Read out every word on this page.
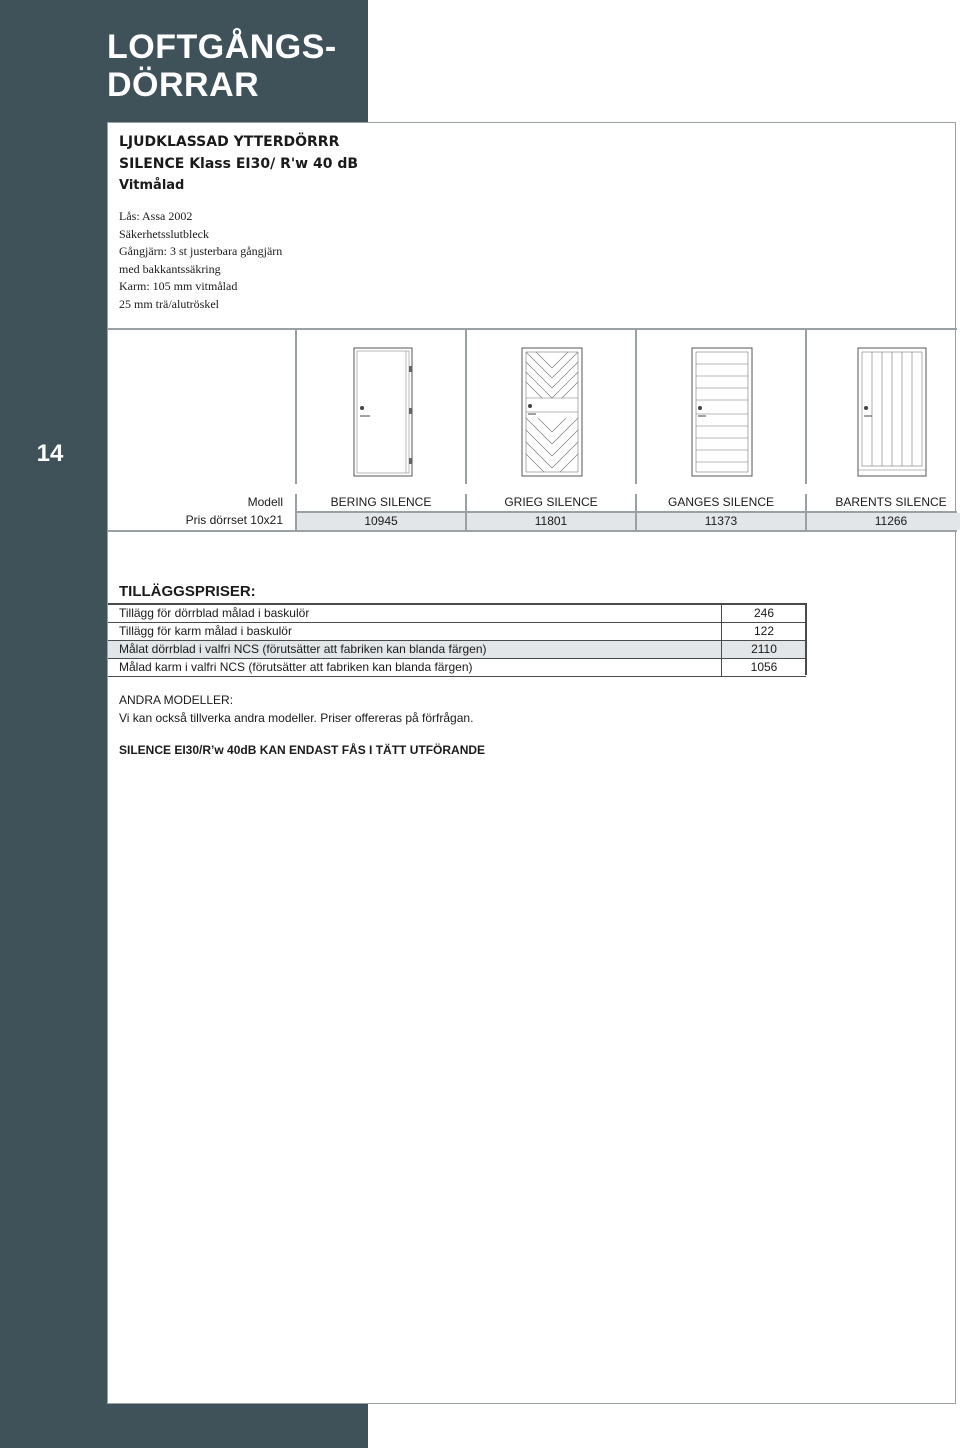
LOFTGÅNGS-
DÖRRAR
14
LJUDKLASSAD YTTERDÖRRR
SILENCE Klass EI30/ R'w 40 dB
Vitmålad
Lås: Assa 2002
Säkerhetsslutbleck
Gångjärn: 3 st justerbara gångjärn
med bakkantssäkring
Karm: 105 mm vitmålad
25 mm trä/alutröskel
Modell	BERING SILENCE	GRIEG SILENCE	GANGES SILENCE	BARENTS SILENCE
Pris dörrset 10x21	10945	11801	11373	11266
TILLÄGGSPRISER:
Tillägg för dörrblad målad i baskulör	246
Tillägg för karm målad i baskulör	122
Målat dörrblad i valfri NCS (förutsätter att fabriken kan blanda färgen)	2110
Målad karm i valfri NCS (förutsätter att fabriken kan blanda färgen)	1056
ANDRA MODELLER:
Vi kan också tillverka andra modeller. Priser offereras på förfrågan.
SILENCE EI30/R’w 40dB KAN ENDAST FÅS I TÄTT UTFÖRANDE
